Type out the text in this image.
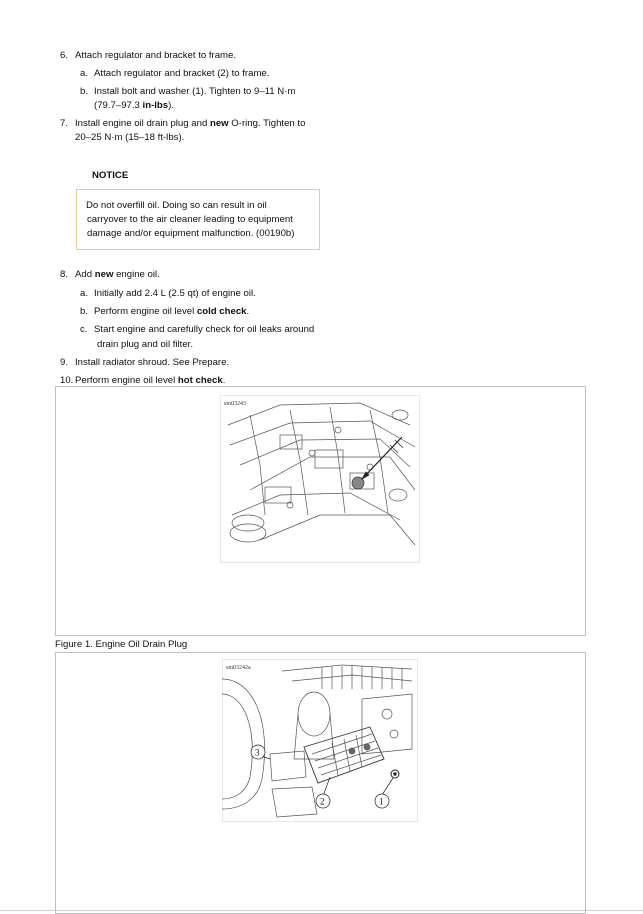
6. Attach regulator and bracket to frame.
a. Attach regulator and bracket (2) to frame.
b. Install bolt and washer (1). Tighten to 9–11 N·m
(79.7–97.3 in-lbs).
7. Install engine oil drain plug and new O-ring. Tighten to
20–25 N·m (15–18 ft-lbs).
NOTICE
Do not overfill oil. Doing so can result in oil
carryover to the air cleaner leading to equipment
damage and/or equipment malfunction. (00190b)
8. Add new engine oil.
a. Initially add 2.4 L (2.5 qt) of engine oil.
b. Perform engine oil level cold check.
c. Start engine and carefully check for oil leaks around
drain plug and oil filter.
9. Install radiator shroud. See Prepare.
10. Perform engine oil level hot check.
sm03243
Figure 1. Engine Oil Drain Plug
3
2	1
sm03242a
